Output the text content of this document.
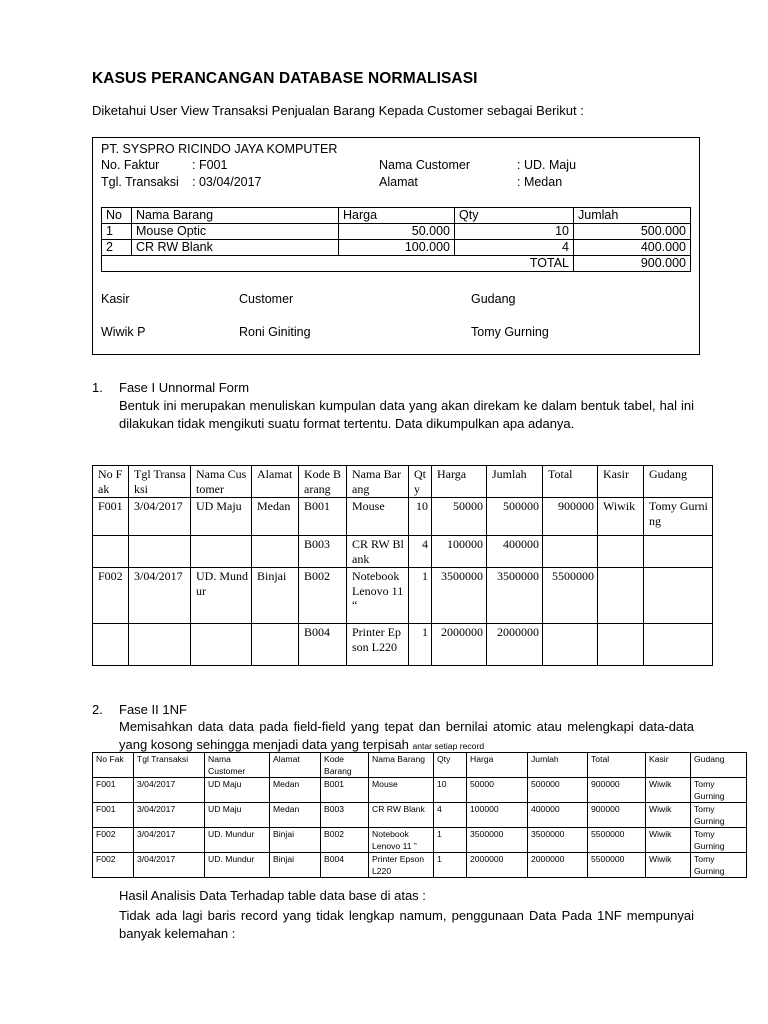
KASUS PERANCANGAN DATABASE NORMALISASI
Diketahui User View Transaksi Penjualan Barang Kepada Customer sebagai Berikut :
PT. SYSPRO RICINDO JAYA KOMPUTER
No. Faktur	: F001
Tgl. Transaksi : 03/04/2017
Nama Customer	: UD. Maju
Alamat	: Medan
No	Nama Barang	Harga	Qty	Jumlah
1	Mouse Optic	50.000	10	500.000
2	CR RW Blank	100.000	4	400.000
TOTAL				900.000
Kasir	Customer	Gudang
Wiwik P	Roni Giniting	Tomy Gurning
1. Fase I Unnormal Form
Bentuk ini merupakan menuliskan kumpulan data yang akan direkam ke dalam bentuk tabel, hal ini dilakukan tidak mengikuti suatu format tertentu. Data dikumpulkan apa adanya.
No Fak	Tgl Transaksi	Nama Customer	Alamat	Kode Barang	Nama Barang	Qty	Harga	Jumlah	Total	Kasir	Gudang
F001	3/04/2017	UD Maju	Medan	B001	Mouse	10	50000	500000	900000	Wiwik	Tomy Gurning
				B003	CR RW Blank	4	100000	400000			
F002	3/04/2017	UD. Mundur	Binjai	B002	Notebook Lenovo 11 “	1	3500000	3500000	5500000		
				B004	Printer Epson L220	1	2000000	2000000			
2. Fase II 1NF
Memisahkan data data pada field-field yang tepat dan bernilai atomic atau melengkapi data-data yang kosong sehingga menjadi data yang terpisah antar setiap record
No Fak	Tgl Transaksi	Nama Customer	Alamat	Kode Barang	Nama Barang	Qty	Harga	Jumlah	Total	Kasir	Gudang
F001	3/04/2017	UD Maju	Medan	B001	Mouse	10	50000	500000	900000	Wiwik	Tomy Gurning
F001	3/04/2017	UD Maju	Medan	B003	CR RW Blank	4	100000	400000	900000	Wiwik	Tomy Gurning
F002	3/04/2017	UD. Mundur	Binjai	B002	Notebook Lenovo 11 ”	1	3500000	3500000	5500000	Wiwik	Tomy Gurning
F002	3/04/2017	UD. Mundur	Binjai	B004	Printer Epson L220	1	2000000	2000000	5500000	Wiwik	Tomy Gurning
Hasil Analisis Data Terhadap table data base di atas :
Tidak ada lagi baris record yang tidak lengkap namum, penggunaan Data Pada 1NF mempunyai banyak kelemahan :
